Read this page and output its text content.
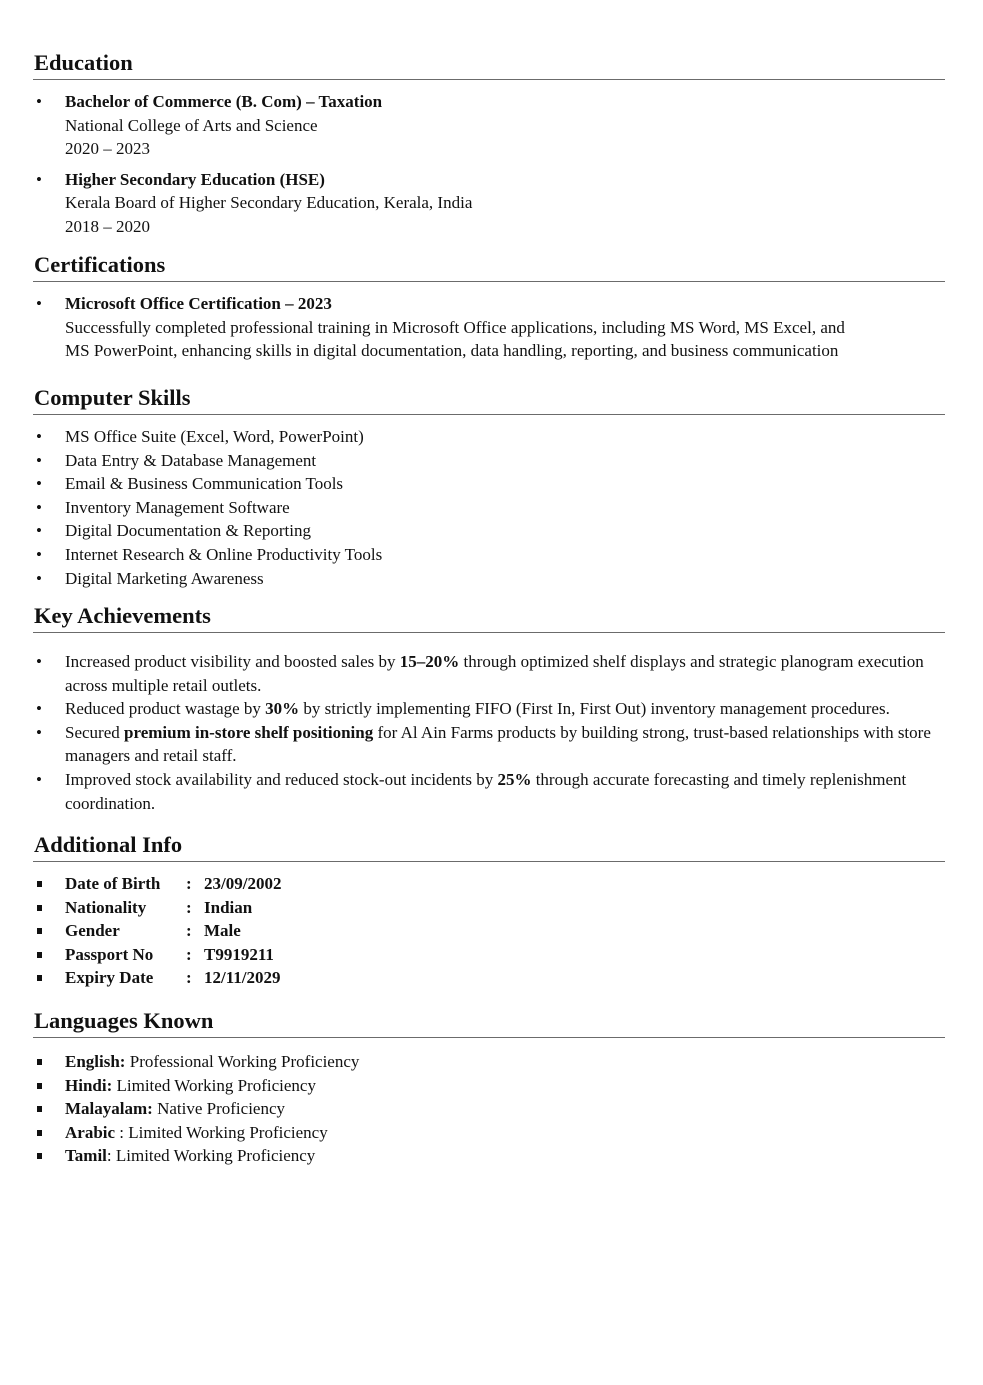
Education
• Bachelor of Commerce (B. Com) – Taxation
National College of Arts and Science
2020 – 2023
• Higher Secondary Education (HSE)
Kerala Board of Higher Secondary Education, Kerala, India
2018 – 2020
Certifications
• Microsoft Office Certification – 2023
Successfully completed professional training in Microsoft Office applications, including MS Word, MS Excel, and
MS PowerPoint, enhancing skills in digital documentation, data handling, reporting, and business communication
Computer Skills
• MS Office Suite (Excel, Word, PowerPoint)
• Data Entry & Database Management
• Email & Business Communication Tools
• Inventory Management Software
• Digital Documentation & Reporting
• Internet Research & Online Productivity Tools
• Digital Marketing Awareness
Key Achievements
• Increased product visibility and boosted sales by 15–20% through optimized shelf displays and strategic planogram execution across multiple retail outlets.
• Reduced product wastage by 30% by strictly implementing FIFO (First In, First Out) inventory management procedures.
• Secured premium in-store shelf positioning for Al Ain Farms products by building strong, trust-based relationships with store managers and retail staff.
• Improved stock availability and reduced stock-out incidents by 25% through accurate forecasting and timely replenishment coordination.
Additional Info
Date of Birth : 23/09/2002
Nationality : Indian
Gender	: Male
Passport No : T9919211
Expiry Date : 12/11/2029
Languages Known
English: Professional Working Proficiency
Hindi: Limited Working Proficiency
Malayalam: Native Proficiency
Arabic : Limited Working Proficiency
Tamil: Limited Working Proficiency
